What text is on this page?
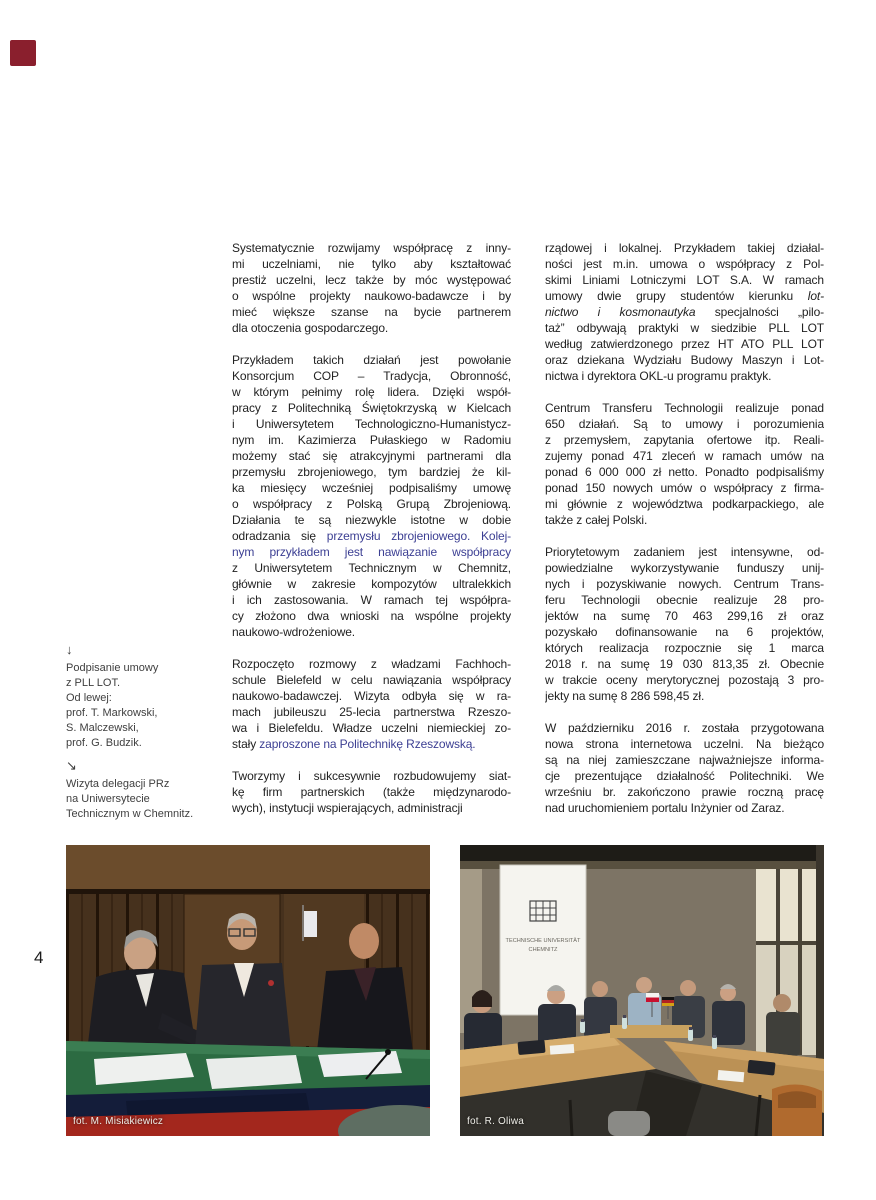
↓
Podpisanie umowy
z PLL LOT.
Od lewej:
prof. T. Markowski,
S. Malczewski,
prof. G. Budzik.
↘
Wizyta delegacji PRz
na Uniwersytecie
Technicznym w Chemnitz.
4

Systematycznie rozwijamy współpracę z inny-
mi uczelniami, nie tylko aby kształtować
prestiż uczelni, lecz także by móc występować
o wspólne projekty naukowo-badawcze i by
mieć większe szanse na bycie partnerem
dla otoczenia gospodarczego.

Przykładem takich działań jest powołanie
Konsorcjum COP – Tradycja, Obronność,
w którym pełnimy rolę lidera. Dzięki współ-
pracy z Politechniką Świętokrzyską w Kielcach
i Uniwersytetem Technologiczno-Humanistycz-
nym im. Kazimierza Pułaskiego w Radomiu
możemy stać się atrakcyjnymi partnerami dla
przemysłu zbrojeniowego, tym bardziej że kil-
ka miesięcy wcześniej podpisaliśmy umowę
o współpracy z Polską Grupą Zbrojeniową.
Działania te są niezwykle istotne w dobie
odradzania się przemysłu zbrojeniowego. Kolej-
nym przykładem jest nawiązanie współpracy
z Uniwersytetem Technicznym w Chemnitz,
głównie w zakresie kompozytów ultralekkich
i ich zastosowania. W ramach tej współpra-
cy złożono dwa wnioski na wspólne projekty
naukowo-wdrożeniowe.

Rozpoczęto rozmowy z władzami Fachhoch-
schule Bielefeld w celu nawiązania współpracy
naukowo-badawczej. Wizyta odbyła się w ra-
mach jubileuszu 25-lecia partnerstwa Rzeszo-
wa i Bielefeldu. Władze uczelni niemieckiej zo-
stały zaproszone na Politechnikę Rzeszowską.

Tworzymy i sukcesywnie rozbudowujemy siat-
kę firm partnerskich (także międzynarodo-
wych), instytucji wspierających, administracji

rządowej i lokalnej. Przykładem takiej działal-
ności jest m.in. umowa o współpracy z Pol-
skimi Liniami Lotniczymi LOT S.A. W ramach
umowy dwie grupy studentów kierunku lot-
nictwo i kosmonautyka specjalności „pilo-
taż” odbywają praktyki w siedzibie PLL LOT
według zatwierdzonego przez HT ATO PLL LOT
oraz dziekana Wydziału Budowy Maszyn i Lot-
nictwa i dyrektora OKL-u programu praktyk.

Centrum Transferu Technologii realizuje ponad
650 działań. Są to umowy i porozumienia
z przemysłem, zapytania ofertowe itp. Reali-
zujemy ponad 471 zleceń w ramach umów na
ponad 6 000 000 zł netto. Ponadto podpisaliśmy
ponad 150 nowych umów o współpracy z firma-
mi głównie z województwa podkarpackiego, ale
także z całej Polski.

Priorytetowym zadaniem jest intensywne, od-
powiedzialne wykorzystywanie funduszy unij-
nych i pozyskiwanie nowych. Centrum Trans-
feru Technologii obecnie realizuje 28 pro-
jektów na sumę 70 463 299,16 zł oraz
pozyskało dofinansowanie na 6 projektów,
których realizacja rozpocznie się 1 marca
2018 r. na sumę 19 030 813,35 zł. Obecnie
w trakcie oceny merytorycznej pozostają 3 pro-
jekty na sumę 8 286 598,45 zł.

W październiku 2016 r. została przygotowana
nowa strona internetowa uczelni. Na bieżąco
są na niej zamieszczane najważniejsze informa-
cje prezentujące działalność Politechniki. We
wrześniu br. zakończono prawie roczną pracę
nad uruchomieniem portalu Inżynier od Zaraz.

fot. M. Misiakiewicz
TECHNISCHE UNIVERSITÄT
CHEMNITZ
fot. R. Oliwa
